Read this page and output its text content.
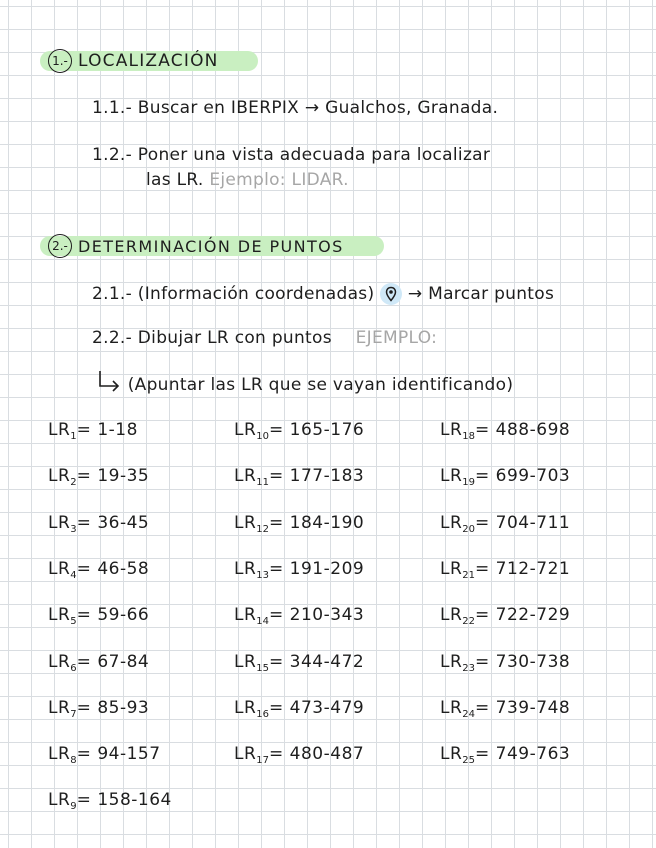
1.- LOCALIZACIÓN
1.1.- Buscar en IBERPIX → Gualchos, Granada.
1.2.- Poner una vista adecuada para localizar
las LR. Ejemplo: LIDAR.
2.- DETERMINACIÓN DE PUNTOS
2.1.- (Información coordenadas) → Marcar puntos
2.2.- Dibujar LR con puntos EJEMPLO:
(Apuntar las LR que se vayan identificando)
$LR_1= 1-18$
$LR_2= 19-35$
$LR_3= 36-45$
$LR_4= 46-58$
$LR_5= 59-66$
$LR_6= 67-84$
$LR_7= 85-93$
$LR_8= 94-157$
$LR_9= 158-164$
$LR_{10}= 165-176$
$LR_{11}= 177-183$
$LR_{12}= 184-190$
$LR_{13}= 191-209$
$LR_{14}= 210-343$
$LR_{15}= 344-472$
$LR_{16}= 473-479$
$LR_{17}= 480-487$
$LR_{18}= 488-698$
$LR_{19}= 699-703$
$LR_{20}= 704-711$
$LR_{21}= 712-721$
$LR_{22}= 722-729$
$LR_{23}= 730-738$
$LR_{24}= 739-748$
$LR_{25}= 749-763$
